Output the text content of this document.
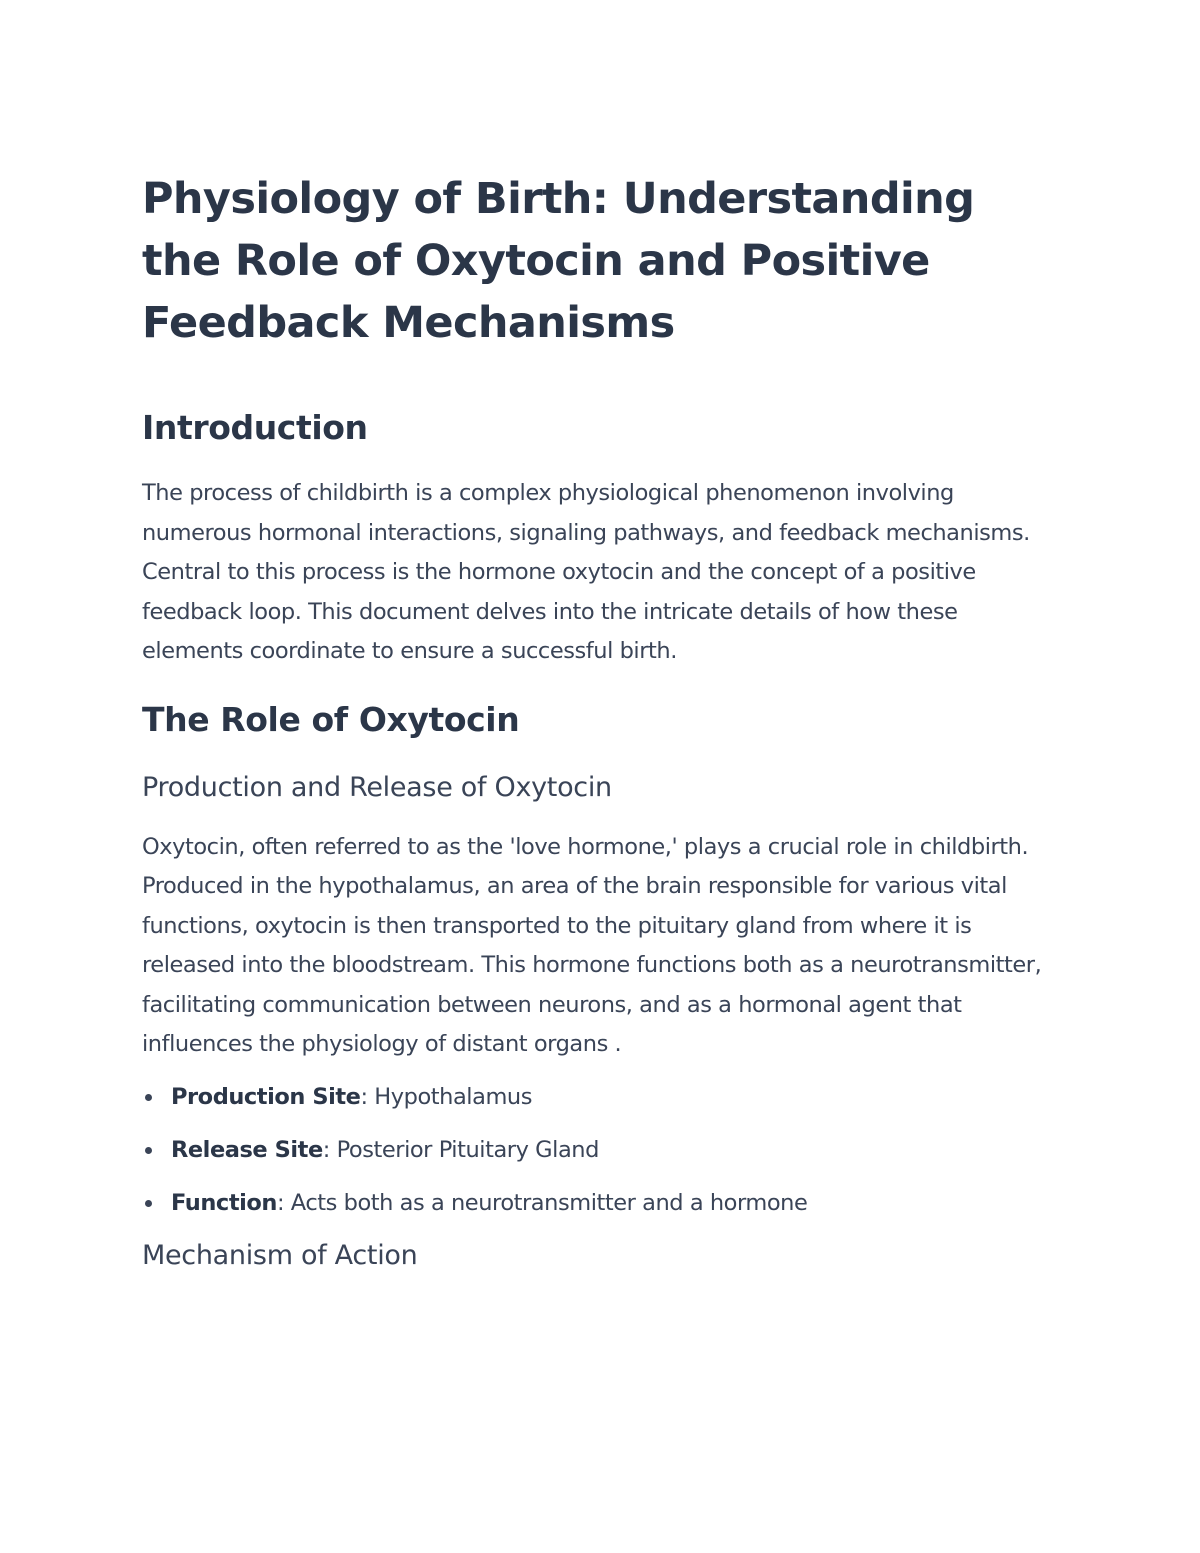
Physiology of Birth: Understanding the Role of Oxytocin and Positive Feedback Mechanisms
Introduction

The process of childbirth is a complex physiological phenomenon involving numerous hormonal interactions, signaling pathways, and feedback mechanisms. Central to this process is the hormone oxytocin and the concept of a positive feedback loop. This document delves into the intricate details of how these elements coordinate to ensure a successful birth.

The Role of Oxytocin
Production and Release of Oxytocin

Oxytocin, often referred to as the 'love hormone,' plays a crucial role in childbirth. Produced in the hypothalamus, an area of the brain responsible for various vital functions, oxytocin is then transported to the pituitary gland from where it is released into the bloodstream. This hormone functions both as a neurotransmitter, facilitating communication between neurons, and as a hormonal agent that influences the physiology of distant organs .

Production Site: Hypothalamus
Release Site: Posterior Pituitary Gland
Function: Acts both as a neurotransmitter and a hormone
Mechanism of Action
